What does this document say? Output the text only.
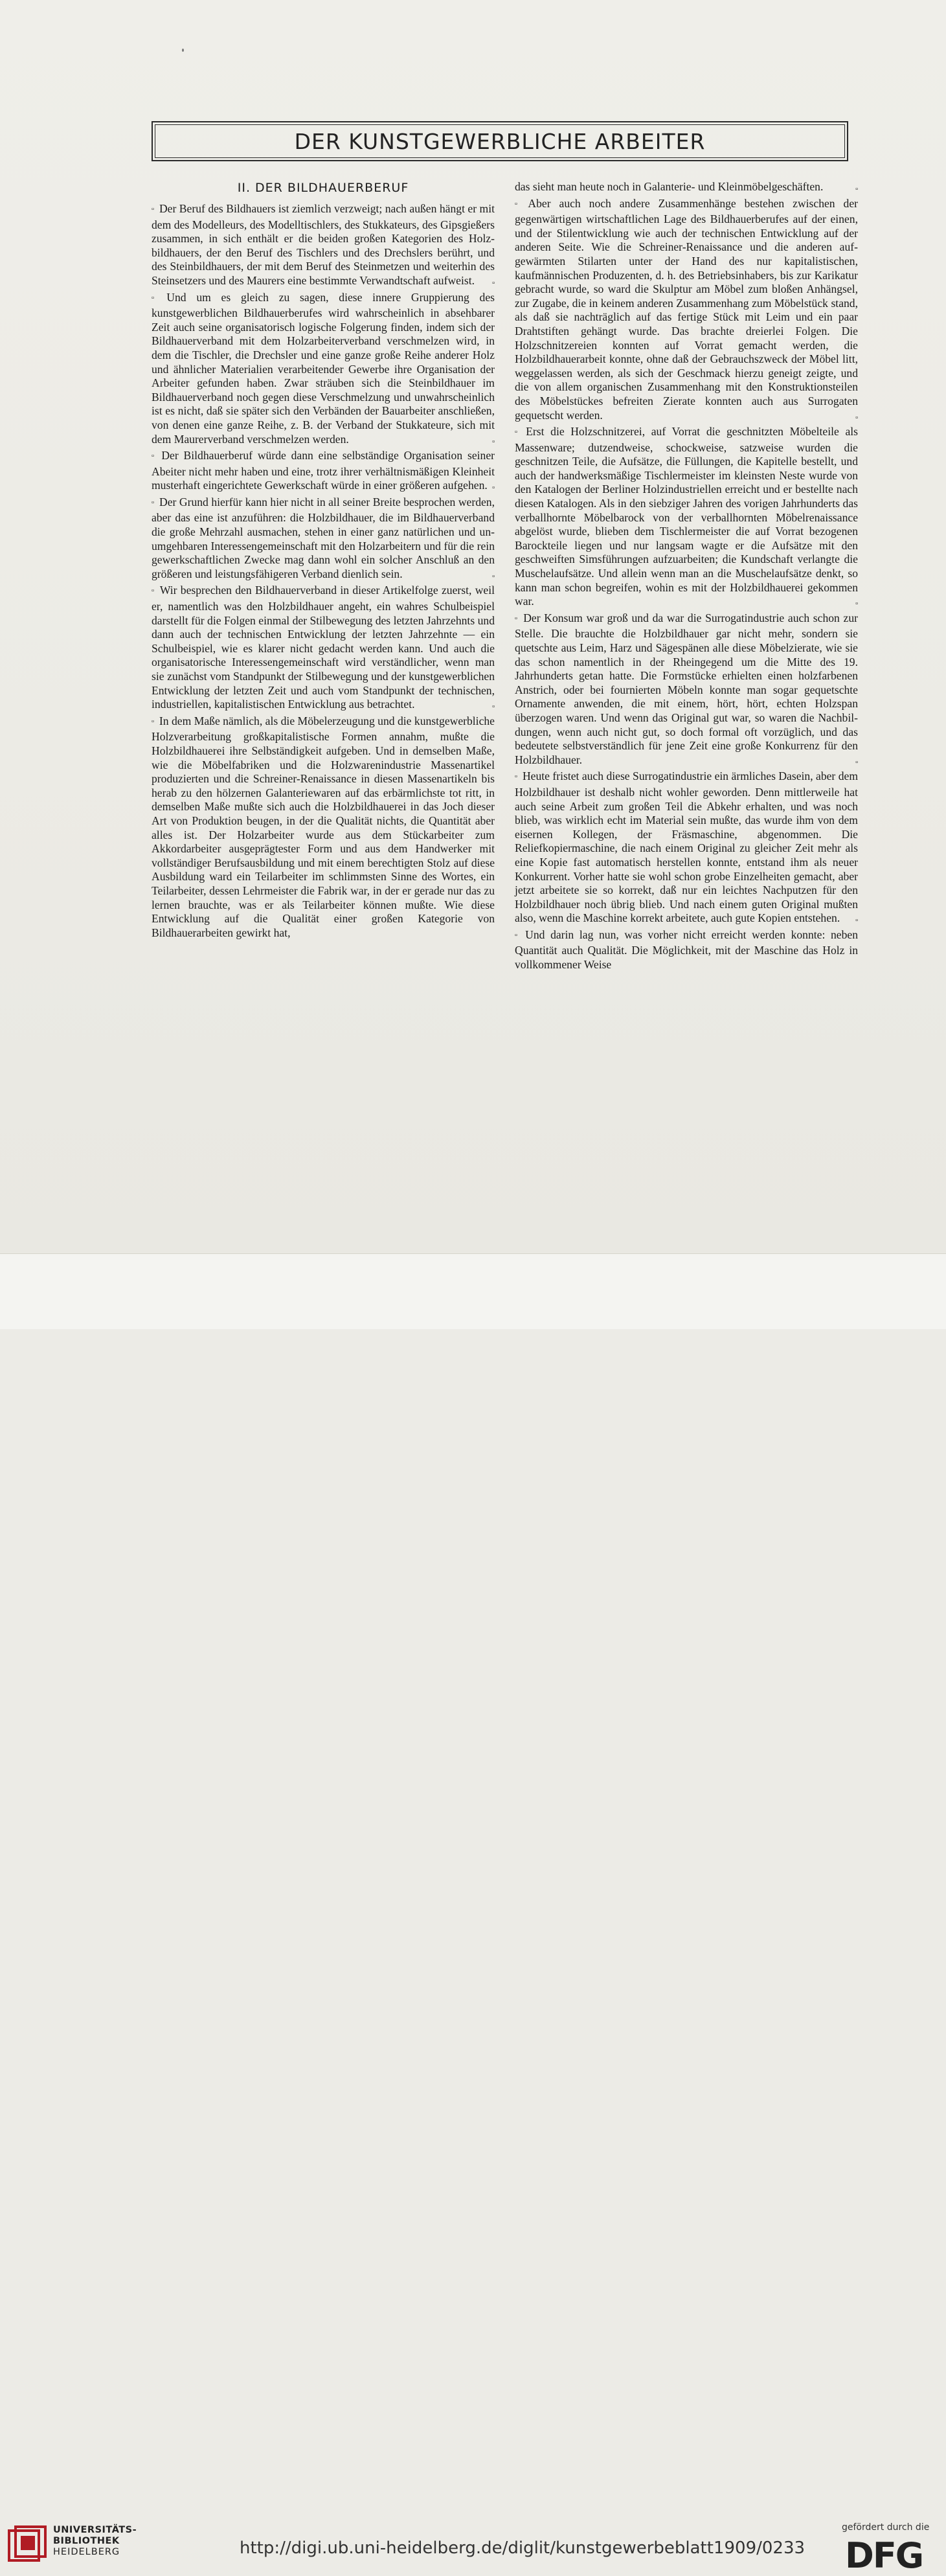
DER KUNSTGEWERBLICHE ARBEITER
II. DER BILDHAUERBERUF

▫ Der Beruf des Bildhauers ist ziemlich verzweigt; nach außen hängt er mit dem des Modelleurs, des Modelltischlers, des Stukkateurs, des Gipsgießers zusammen, in sich enthält er die beiden großen Kategorien des Holzbildhauers, der den Beruf des Tischlers und des Drechslers berührt, und des Steinbildhauers, der mit dem Beruf des Steinmetzen und weiterhin des Steinsetzers und des Maurers eine bestimmte Verwandtschaft aufweist. ▫

▫ Und um es gleich zu sagen, diese innere Gruppierung des kunstgewerblichen Bildhauerberufes wird wahrscheinlich in absehbarer Zeit auch seine organisatorisch logische Folgerung finden, indem sich der Bildhauerverband mit dem Holzarbeiterverband verschmelzen wird, in dem die Tischler, die Drechsler und eine ganze große Reihe anderer Holz und ähnlicher Materialien verarbeitender Gewerbe ihre Organisation der Arbeiter gefunden haben. Zwar sträuben sich die Steinbildhauer im Bildhauerverband noch gegen diese Verschmelzung und unwahrscheinlich ist es nicht, daß sie später sich den Verbänden der Bauarbeiter anschließen, von denen eine ganze Reihe, z. B. der Verband der Stukkateure, sich mit dem Maurerverband verschmelzen werden.	▫

▫ Der Bildhauerberuf würde dann eine selbständige Organisation seiner Abeiter nicht mehr haben und eine, trotz ihrer verhältnismäßigen Kleinheit musterhaft eingerichtete Gewerkschaft würde in einer größeren aufgehen. ▫

▫ Der Grund hierfür kann hier nicht in all seiner Breite besprochen werden, aber das eine ist anzuführen: die Holzbildhauer, die im Bildhauerverband die große Mehrzahl ausmachen, stehen in einer ganz natürlichen und unumgehbaren Interessengemeinschaft mit den Holzarbeitern und für die rein gewerkschaftlichen Zwecke mag dann wohl ein solcher Anschluß an den größeren und leistungsfähigeren Verband dienlich sein.	▫

▫ Wir besprechen den Bildhauerverband in dieser Artikelfolge zuerst, weil er, namentlich was den Holzbildhauer angeht, ein wahres Schulbeispiel darstellt für die Folgen einmal der Stilbewegung des letzten Jahrzehnts und dann auch der technischen Entwicklung der letzten Jahrzehnte — ein Schulbeispiel, wie es klarer nicht gedacht werden kann. Und auch die organisatorische Interessengemeinschaft wird verständlicher, wenn man sie zunächst vom Standpunkt der Stilbewegung und der kunstgewerblichen Entwicklung der letzten Zeit und auch vom Standpunkt der technischen, industriellen, kapitalistischen Entwicklung aus betrachtet.	▫

▫ In dem Maße nämlich, als die Möbelerzeugung und die kunstgewerbliche Holzverarbeitung großkapitalistische Formen annahm, mußte die Holzbildhauerei ihre Selbständigkeit aufgeben. Und in demselben Maße, wie die Möbelfabriken und die Holzwarenindustrie Massenartikel produzierten und die Schreiner-Renaissance in diesen Massenartikeln bis herab zu den hölzernen Galanteriewaren auf das erbärmlichste tot ritt, in demselben Maße mußte sich auch die Holzbildhauerei in das Joch dieser Art von Produktion beugen, in der die Qualität nichts, die Quantität aber alles ist. Der Holzarbeiter wurde aus dem Stückarbeiter zum Akkordarbeiter ausgeprägtester Form und aus dem Handwerker mit vollständiger Berufsausbildung und mit einem berechtigten Stolz auf diese Ausbildung ward ein Teilarbeiter im schlimmsten Sinne des Wortes, ein Teilarbeiter, dessen Lehrmeister die Fabrik war, in der er gerade nur das zu lernen brauchte, was er als Teilarbeiter können mußte. Wie diese Entwicklung auf die Qualität einer großen Kategorie von Bildhauerarbeiten gewirkt hat,

das sieht man heute noch in Galanterie- und Kleinmöbelgeschäften.	▫

▫ Aber auch noch andere Zusammenhänge bestehen zwischen der gegenwärtigen wirtschaftlichen Lage des Bildhauerberufes auf der einen, und der Stilentwicklung wie auch der technischen Entwicklung auf der anderen Seite. Wie die Schreiner-Renaissance und die anderen aufgewärmten Stilarten unter der Hand des nur kapitalistischen, kaufmännischen Produzenten, d. h. des Betriebsinhabers, bis zur Karikatur gebracht wurde, so ward die Skulptur am Möbel zum bloßen Anhängsel, zur Zugabe, die in keinem anderen Zusammenhang zum Möbelstück stand, als daß sie nachträglich auf das fertige Stück mit Leim und ein paar Drahtstiften gehängt wurde. Das brachte dreierlei Folgen. Die Holzschnitzereien konnten auf Vorrat gemacht werden, die Holzbildhauerarbeit konnte, ohne daß der Gebrauchszweck der Möbel litt, weggelassen werden, als sich der Geschmack hierzu geneigt zeigte, und die von allem organischen Zusammenhang mit den Konstruktionsteilen des Möbelstückes befreiten Zierate konnten auch aus Surrogaten gequetscht werden.	▫

▫ Erst die Holzschnitzerei, auf Vorrat die geschnitzten Möbelteile als Massenware; dutzendweise, schockweise, satzweise wurden die geschnitzen Teile, die Aufsätze, die Füllungen, die Kapitelle bestellt, und auch der handwerksmäßige Tischlermeister im kleinsten Neste wurde von den Katalogen der Berliner Holzindustriellen erreicht und er bestellte nach diesen Katalogen. Als in den siebziger Jahren des vorigen Jahrhunderts das verballhornte Möbelbarock von der verballhornten Möbelrenaissance abgelöst wurde, blieben dem Tischlermeister die auf Vorrat bezogenen Barockteile liegen und nur langsam wagte er die Aufsätze mit den geschweiften Simsführungen aufzuarbeiten; die Kundschaft verlangte die Muschelaufsätze. Und allein wenn man an die Muschelaufsätze denkt, so kann man schon begreifen, wohin es mit der Holzbildhauerei gekommen war.	▫

▫ Der Konsum war groß und da war die Surrogatindustrie auch schon zur Stelle. Die brauchte die Holzbildhauer gar nicht mehr, sondern sie quetschte aus Leim, Harz und Sägespänen alle diese Möbelzierate, wie sie das schon namentlich in der Rheingegend um die Mitte des 19. Jahrhunderts getan hatte. Die Formstücke erhielten einen holzfarbenen Anstrich, oder bei fournierten Möbeln konnte man sogar gequetschte Ornamente anwenden, die mit einem, hört, hört, echten Holzspan überzogen waren. Und wenn das Original gut war, so waren die Nachbildungen, wenn auch nicht gut, so doch formal oft vorzüglich, und das bedeutete selbstverständlich für jene Zeit eine große Konkurrenz für den Holzbildhauer.	▫

▫ Heute fristet auch diese Surrogatindustrie ein ärmliches Dasein, aber dem Holzbildhauer ist deshalb nicht wohler geworden. Denn mittlerweile hat auch seine Arbeit zum großen Teil die Abkehr erhalten, und was noch blieb, was wirklich echt im Material sein mußte, das wurde ihm von dem eisernen Kollegen, der Fräsmaschine, abgenommen. Die Reliefkopiermaschine, die nach einem Original zu gleicher Zeit mehr als eine Kopie fast automatisch herstellen konnte, entstand ihm als neuer Konkurrent. Vorher hatte sie wohl schon grobe Einzelheiten gemacht, aber jetzt arbeitete sie so korrekt, daß nur ein leichtes Nachputzen für den Holzbildhauer noch übrig blieb. Und nach einem guten Original mußten also, wenn die Maschine korrekt arbeitete, auch gute Kopien entstehen. ▫

▫ Und darin lag nun, was vorher nicht erreicht werden konnte: neben Quantität auch Qualität. Die Möglichkeit, mit der Maschine das Holz in vollkommener Weise

UNIVERSITÄTS-
BIBLIOTHEK
HEIDELBERG	http://digi.ub.uni-heidelberg.de/diglit/kunstgewerbeblatt1909/0233
gefördert durch die
DFG
